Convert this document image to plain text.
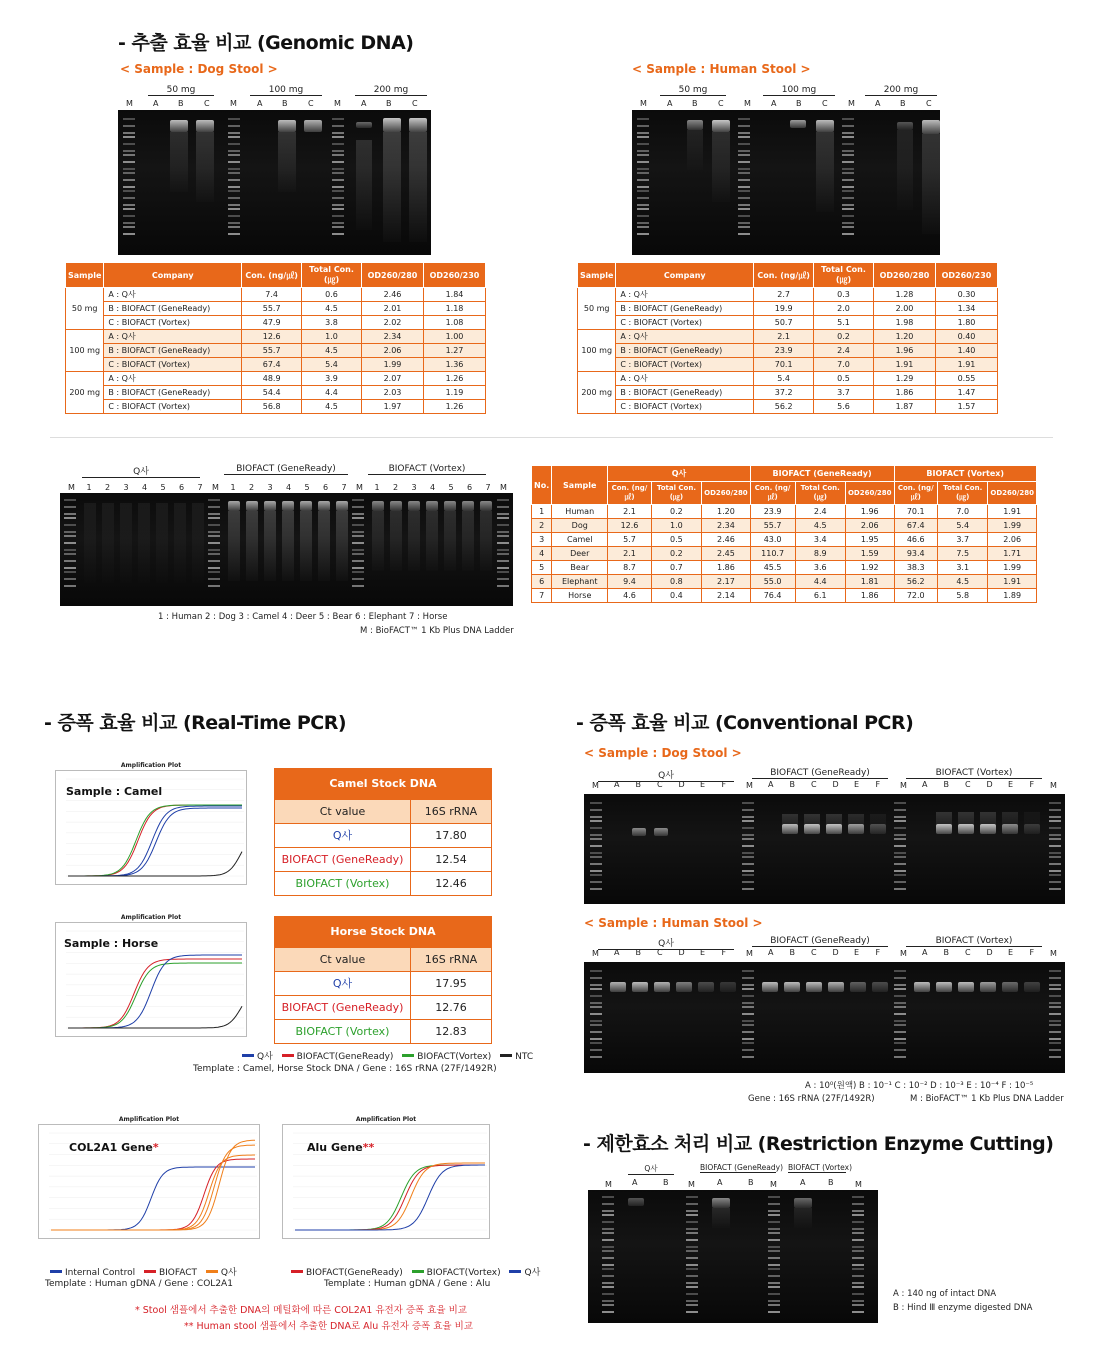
- 추출 효율 비교 (Genomic DNA)
< Sample : Dog Stool >	< Sample : Human Stool >
50 mg	100 mg	200 mg
M	A B	C	M	A B	C	M	A B	C
50 mg	100 mg	200 mg
M	A B	C	M	A B	C	M	A B	C
Sample	Company	Con. (ng/㎕)	Total Con.(㎍)	OD260/280	OD260/230
50 mg	A : Q사	7.4	0.6	2.46	1.84
	B : BIOFACT (GeneReady)	55.7	4.5	2.01	1.18
	C : BIOFACT (Vortex)	47.9	3.8	2.02	1.08
100 mg	A : Q사	12.6	1.0	2.34	1.00
	B : BIOFACT (GeneReady)	55.7	4.5	2.06	1.27
	C : BIOFACT (Vortex)	67.4	5.4	1.99	1.36
200 mg	A : Q사	48.9	3.9	2.07	1.26
	B : BIOFACT (GeneReady)	54.4	4.4	2.03	1.19
	C : BIOFACT (Vortex)	56.8	4.5	1.97	1.26
Sample	Company	Con. (ng/㎕)	Total Con.(㎍)	OD260/280	OD260/230
50 mg	A : Q사	2.7	0.3	1.28	0.30
	B : BIOFACT (GeneReady)	19.9	2.0	2.00	1.34
	C : BIOFACT (Vortex)	50.7	5.1	1.98	1.80
100 mg	A : Q사	2.1	0.2	1.20	0.40
	B : BIOFACT (GeneReady)	23.9	2.4	1.96	1.40
	C : BIOFACT (Vortex)	70.1	7.0	1.91	1.91
200 mg	A : Q사	5.4	0.5	1.29	0.55
	B : BIOFACT (GeneReady)	37.2	3.7	1.86	1.47
	C : BIOFACT (Vortex)	56.2	5.6	1.87	1.57
Q사	BIOFACT (GeneReady)	BIOFACT (Vortex)
M 1 2 3 4 5 6 7 M 1 2 3 4 5 6 7 M 1 2 3 4 5 6 7 M
1 : Human 2 : Dog 3 : Camel 4 : Deer 5 : Bear 6 : Elephant 7 : Horse
M : BioFACT™ 1 Kb Plus DNA Ladder
No.	Sample	Q사			BIOFACT (GeneReady)			BIOFACT (Vortex)		
		Con. (ng/㎕)	Total Con. (㎍)	OD260/280	Con. (ng/㎕)	Total Con. (㎍)	OD260/280	Con. (ng/㎕)	Total Con. (㎍)	OD260/280
1	Human	2.1	0.2	1.20	23.9	2.4	1.96	70.1	7.0	1.91
2	Dog	12.6	1.0	2.34	55.7	4.5	2.06	67.4	5.4	1.99
3	Camel	5.7	0.5	2.46	43.0	3.4	1.95	46.6	3.7	2.06
4	Deer	2.1	0.2	2.45	110.7	8.9	1.59	93.4	7.5	1.71
5	Bear	8.7	0.7	1.86	45.5	3.6	1.92	38.3	3.1	1.99
6	Elephant	9.4	0.8	2.17	55.0	4.4	1.81	56.2	4.5	1.91
7	Horse	4.6	0.4	2.14	76.4	6.1	1.86	72.0	5.8	1.89
- 증폭 효율 비교 (Real-Time PCR)
Amplification Plot
Sample : Camel
Camel Stock DNA
Ct value	16S rRNA
Q사	17.80
BIOFACT (GeneReady)	12.54
BIOFACT (Vortex)	12.46
Amplification Plot
Sample : Horse
Horse Stock DNA
Ct value	16S rRNA
Q사	17.95
BIOFACT (GeneReady)	12.76
BIOFACT (Vortex)	12.83
Q사	BIOFACT(GeneReady)	BIOFACT(Vortex)	NTC
Template : Camel, Horse Stock DNA / Gene : 16S rRNA (27F/1492R)
Amplification Plot
COL2A1 Gene*
Amplification Plot
Alu Gene**
Internal Control	BIOFACT	Q사
Template : Human gDNA / Gene : COL2A1
BIOFACT(GeneReady)	BIOFACT(Vortex)	Q사
Template : Human gDNA / Gene : Alu
* Stool 샘플에서 추출한 DNA의 메틸화에 따른 COL2A1 유전자 증폭 효율 비교
** Human stool 샘플에서 추출한 DNA로 Alu 유전자 증폭 효율 비교
- 증폭 효율 비교 (Conventional PCR)
< Sample : Dog Stool >
Q사
M A B C D E F
BIOFACT (GeneReady)
M A B C D E F
BIOFACT (Vortex)
M A B C D E F M
< Sample : Human Stool >
Q사
M A B C D E F
BIOFACT (GeneReady)
M A B C D E F
BIOFACT (Vortex)
M A B C D E F M
A : 10⁰(원액) B : 10⁻¹ C : 10⁻² D : 10⁻³ E : 10⁻⁴ F : 10⁻⁵
Gene : 16S rRNA (27F/1492R)	M : BioFACT™ 1 Kb Plus DNA Ladder
- 제한효소 처리 비교 (Restriction Enzyme Cutting)
Q사	BIOFACT (GeneReady) BIOFACT (Vortex)
M	M	M	M
A	B	A	B	A	B
A : 140 ng of intact DNA
B : Hind Ⅲ enzyme digested DNA
